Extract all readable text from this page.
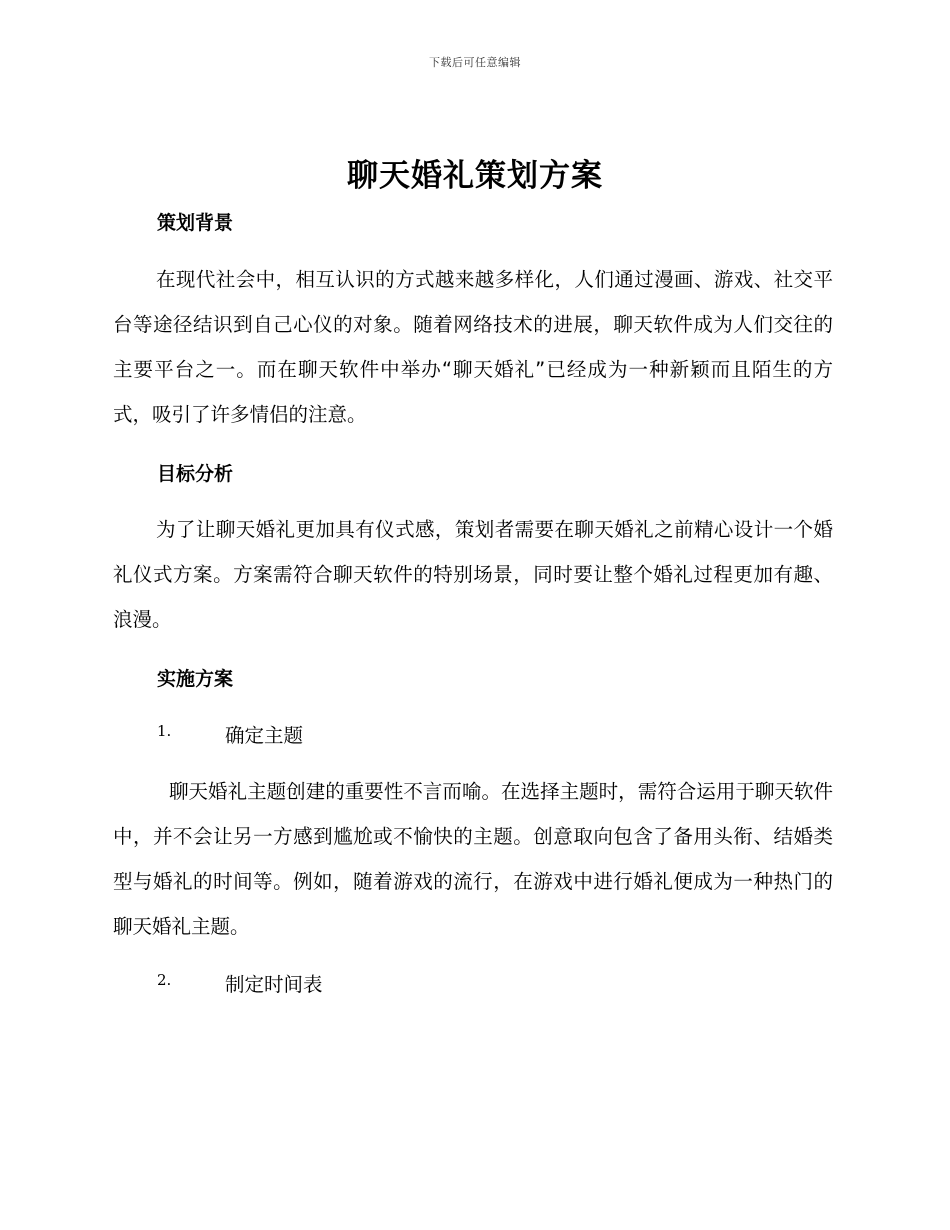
下载后可任意编辑
聊天婚礼策划方案
策划背景
在现代社会中，相互认识的方式越来越多样化，人们通过漫画、游戏、社交平台等途径结识到自己心仪的对象。随着网络技术的进展，聊天软件成为人们交往的主要平台之一。而在聊天软件中举办“聊天婚礼”已经成为一种新颖而且陌生的方式，吸引了许多情侣的注意。
目标分析
为了让聊天婚礼更加具有仪式感，策划者需要在聊天婚礼之前精心设计一个婚礼仪式方案。方案需符合聊天软件的特别场景，同时要让整个婚礼过程更加有趣、浪漫。
实施方案
1.	确定主题
聊天婚礼主题创建的重要性不言而喻。在选择主题时，需符合运用于聊天软件中，并不会让另一方感到尴尬或不愉快的主题。创意取向包含了备用头衔、结婚类型与婚礼的时间等。例如，随着游戏的流行，在游戏中进行婚礼便成为一种热门的聊天婚礼主题。
2.	制定时间表
